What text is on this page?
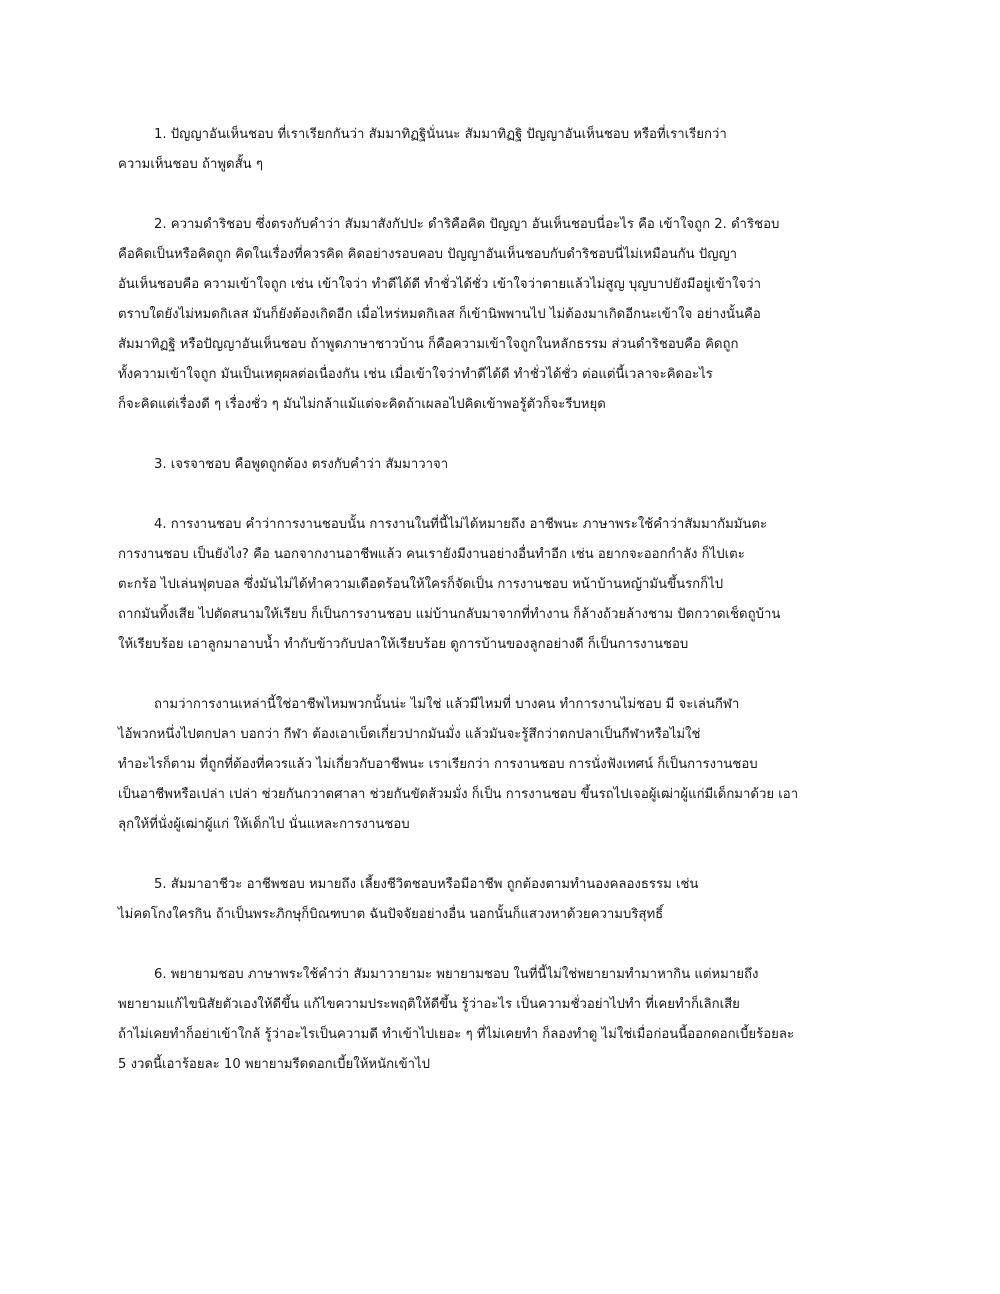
1. ปัญญาอันเห็นชอบ ที่เราเรียกกันว่า สัมมาทิฏฐินั่นนะ สัมมาทิฏฐิ ปัญญาอันเห็นชอบ หรือที่เราเรียกว่า
ความเห็นชอบ ถ้าพูดสั้น ๆ
2. ความดำริชอบ ซึ่งตรงกับคำว่า สัมมาสังกัปปะ ดำริคือคิด ปัญญา อันเห็นชอบนี่อะไร คือ เข้าใจถูก 2. ดำริชอบ
คือคิดเป็นหรือคิดถูก คิดในเรื่องที่ควรคิด คิดอย่างรอบคอบ ปัญญาอันเห็นชอบกับดำริชอบนี่ไม่เหมือนกัน ปัญญา
อันเห็นชอบคือ ความเข้าใจถูก เช่น เข้าใจว่า ทำดีได้ดี ทำชั่วได้ชั่ว เข้าใจว่าตายแล้วไม่สูญ บุญบาปยังมีอยู่เข้าใจว่า
ตราบใดยังไม่หมดกิเลส มันก็ยังต้องเกิดอีก เมื่อไหร่หมดกิเลส ก็เข้านิพพานไป ไม่ต้องมาเกิดอีกนะเข้าใจ อย่างนั้นคือ
สัมมาทิฏฐิ หรือปัญญาอันเห็นชอบ ถ้าพูดภาษาชาวบ้าน ก็คือความเข้าใจถูกในหลักธรรม ส่วนดำริชอบคือ คิดถูก
ทั้งความเข้าใจถูก มันเป็นเหตุผลต่อเนื่องกัน เช่น เมื่อเข้าใจว่าทำดีได้ดี ทำชั่วได้ชั่ว ต่อแต่นี้เวลาจะคิดอะไร
ก็จะคิดแต่เรื่องดี ๆ เรื่องชั่ว ๆ มันไม่กล้าแม้แต่จะคิดถ้าเผลอไปคิดเข้าพอรู้ตัวก็จะรีบหยุด
3. เจรจาชอบ คือพูดถูกต้อง ตรงกับคำว่า สัมมาวาจา
4. การงานชอบ คำว่าการงานชอบนั้น การงานในที่นี้ไม่ได้หมายถึง อาชีพนะ ภาษาพระใช้คำว่าสัมมากัมมันตะ
การงานชอบ เป็นยังไง? คือ นอกจากงานอาชีพแล้ว คนเรายังมีงานอย่างอื่นทำอีก เช่น อยากจะออกกำลัง ก็ไปเตะ
ตะกร้อ ไปเล่นฟุตบอล ซึ่งมันไม่ได้ทำความเดือดร้อนให้ใครก็จัดเป็น การงานชอบ หน้าบ้านหญ้ามันขึ้นรกก็ไป
ถากมันทิ้งเสีย ไปตัดสนามให้เรียบ ก็เป็นการงานชอบ แม่บ้านกลับมาจากที่ทำงาน ก็ล้างถ้วยล้างชาม ปัดกวาดเช็ดถูบ้าน
ให้เรียบร้อย เอาลูกมาอาบน้ำ ทำกับข้าวกับปลาให้เรียบร้อย ดูการบ้านของลูกอย่างดี ก็เป็นการงานชอบ
ถามว่าการงานเหล่านี้ใช่อาชีพไหมพวกนั้นน่ะ ไม่ใช่ แล้วมีไหมที่ บางคน ทำการงานไม่ชอบ มี จะเล่นกีฬา
ไอ้พวกหนึ่งไปตกปลา บอกว่า กีฬา ต้องเอาเบ็ดเกี่ยวปากมันมั่ง แล้วมันจะรู้สึกว่าตกปลาเป็นกีฬาหรือไม่ใช่
ทำอะไรก็ตาม ที่ถูกที่ต้องที่ควรแล้ว ไม่เกี่ยวกับอาชีพนะ เราเรียกว่า การงานชอบ การนั่งฟังเทศน์ ก็เป็นการงานชอบ
เป็นอาชีพหรือเปล่า เปล่า ช่วยกันกวาดศาลา ช่วยกันขัดส้วมมั่ง ก็เป็น การงานชอบ ขึ้นรถไปเจอผู้เฒ่าผู้แก่มีเด็กมาด้วย เอา
ลุกให้ที่นั่งผู้เฒ่าผู้แก่ ให้เด็กไป นั่นแหละการงานชอบ
5. สัมมาอาชีวะ อาชีพชอบ หมายถึง เลี้ยงชีวิตชอบหรือมีอาชีพ ถูกต้องตามทำนองคลองธรรม เช่น
ไม่คดโกงใครกิน ถ้าเป็นพระภิกษุก็บิณฑบาต ฉันปัจจัยอย่างอื่น นอกนั้นก็แสวงหาด้วยความบริสุทธิ์
6. พยายามชอบ ภาษาพระใช้คำว่า สัมมาวายามะ พยายามชอบ ในที่นี้ไม่ใช่พยายามทำมาหากิน แต่หมายถึง
พยายามแก้ไขนิสัยตัวเองให้ดีขึ้น แก้ไขความประพฤติให้ดีขึ้น รู้ว่าอะไร เป็นความชั่วอย่าไปทำ ที่เคยทำก็เลิกเสีย
ถ้าไม่เคยทำก็อย่าเข้าใกล้ รู้ว่าอะไรเป็นความดี ทำเข้าไปเยอะ ๆ ที่ไม่เคยทำ ก็ลองทำดู ไม่ใช่เมื่อก่อนนี้ออกดอกเบี้ยร้อยละ
5 งวดนี้เอาร้อยละ 10 พยายามรีดดอกเบี้ยให้หนักเข้าไป
